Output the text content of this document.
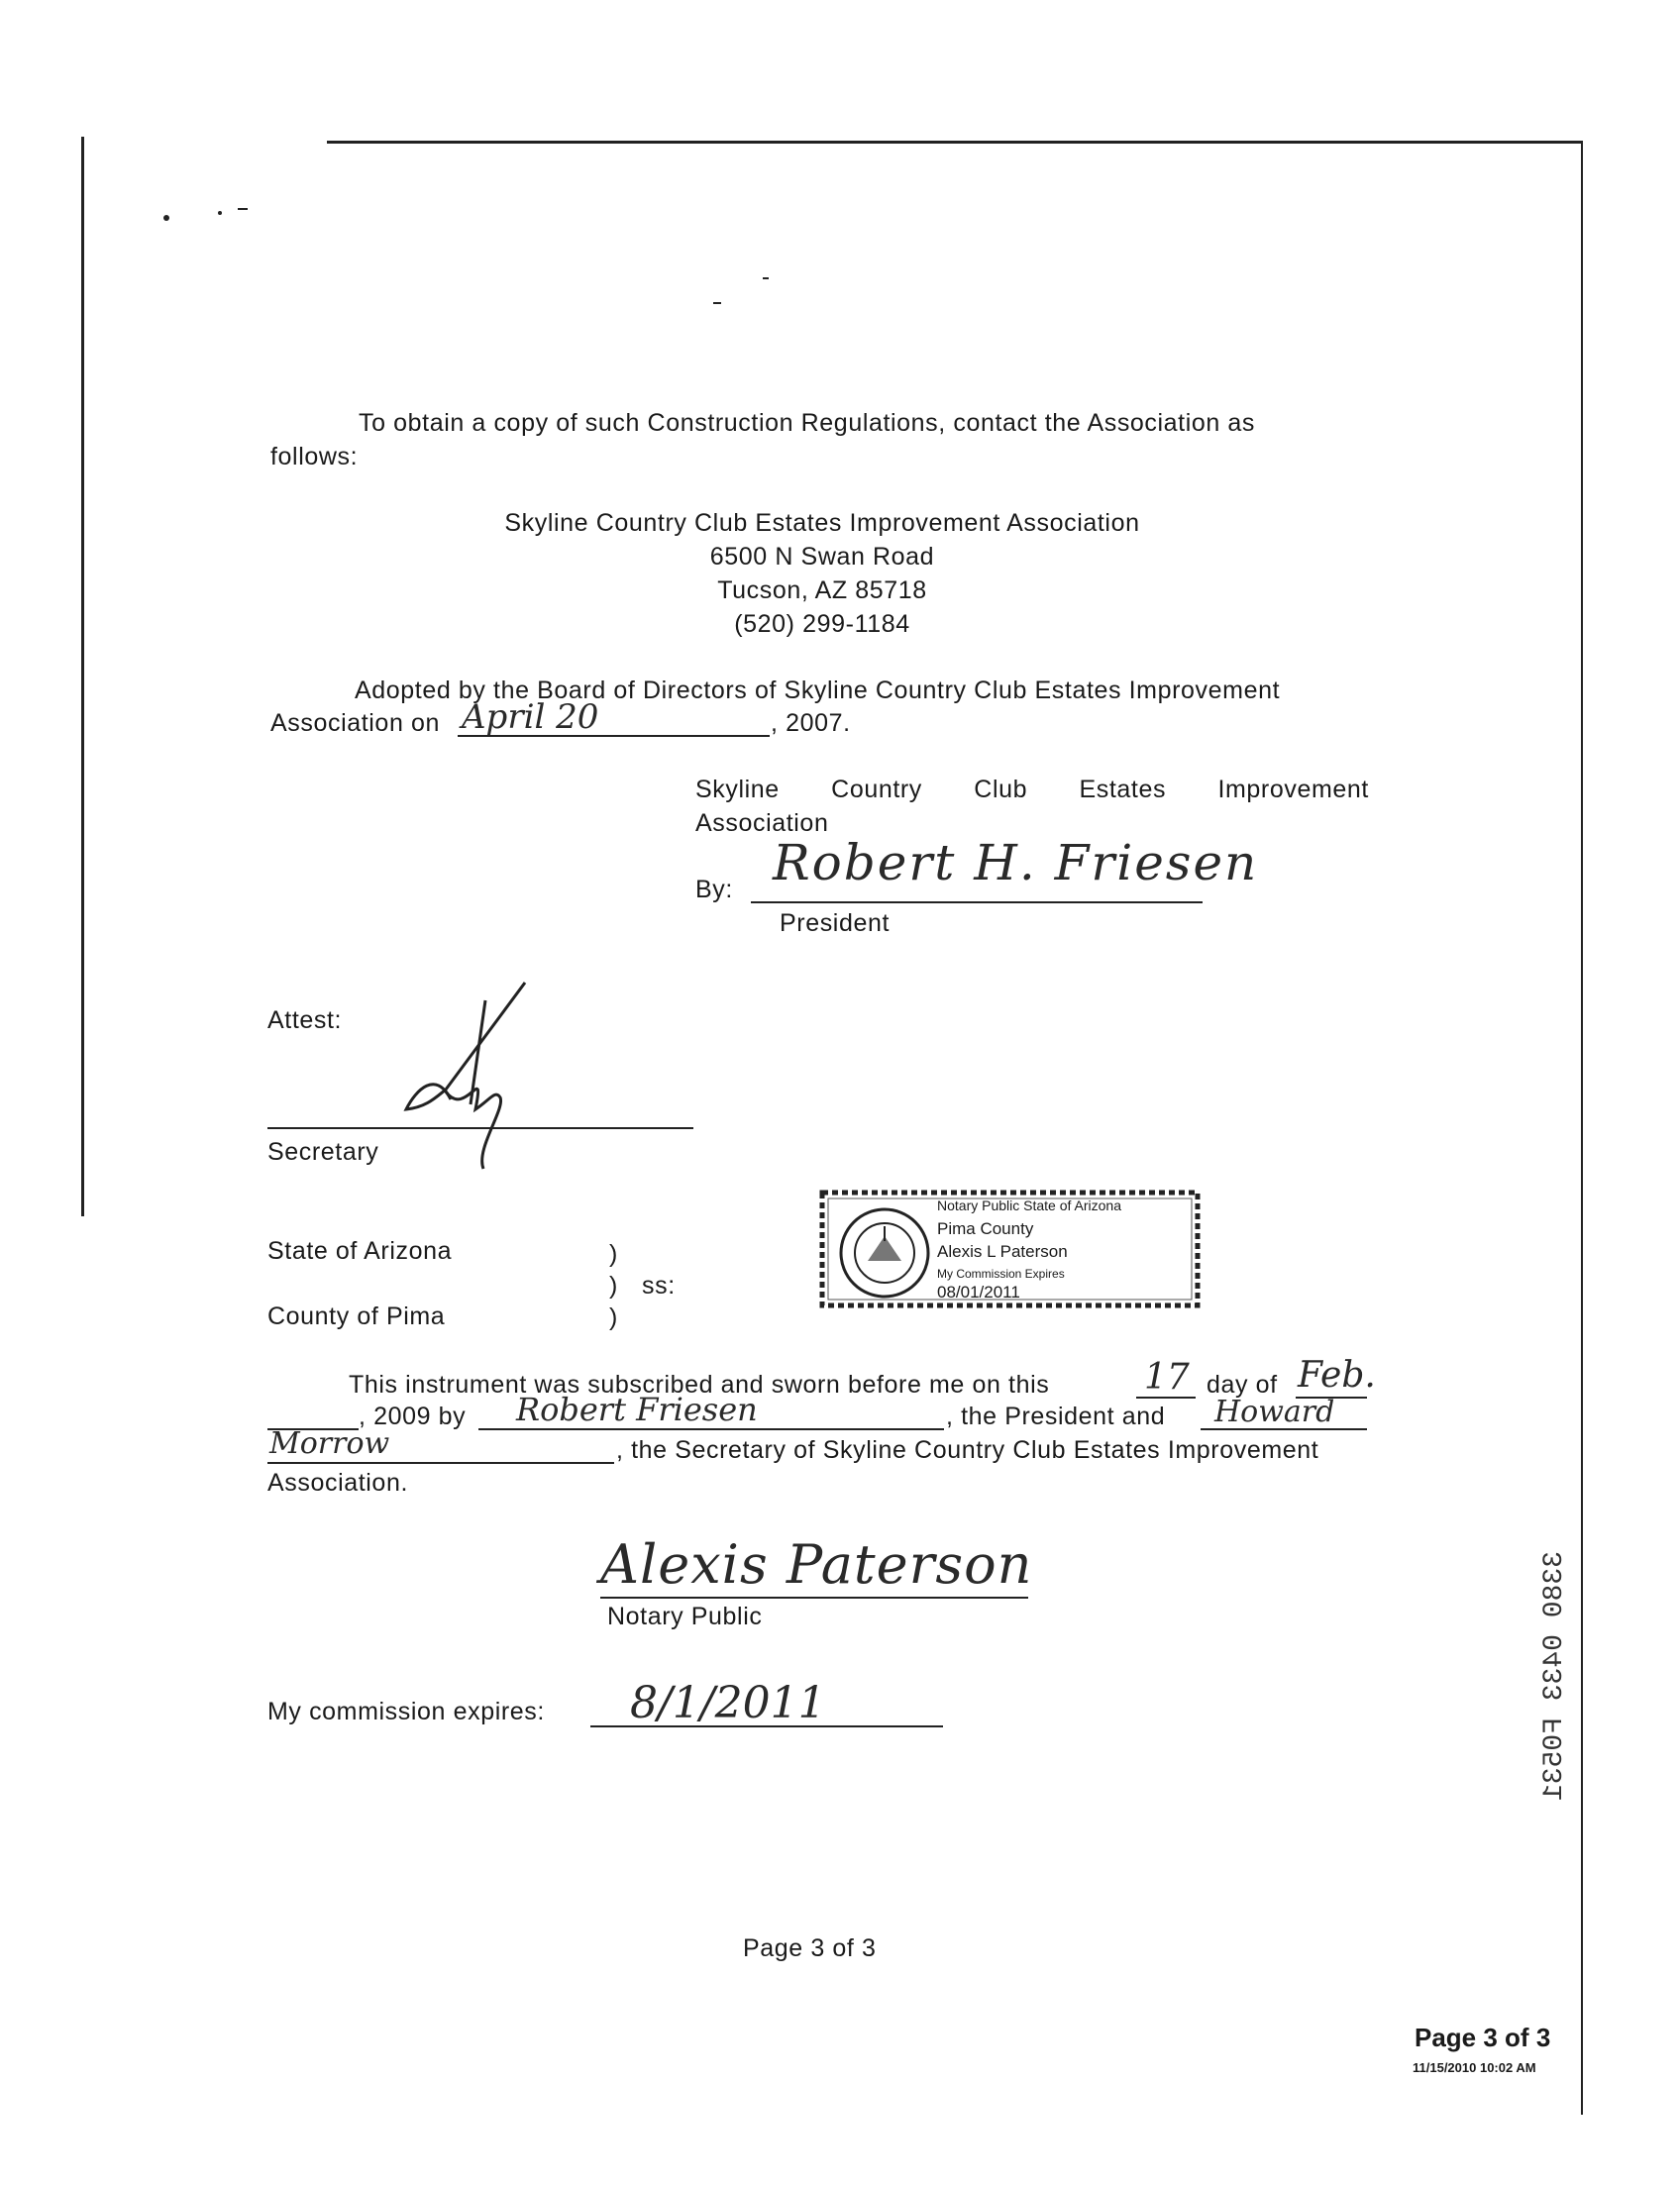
To obtain a copy of such Construction Regulations, contact the Association as
follows:
Skyline Country Club Estates Improvement Association
6500 N Swan Road
Tucson, AZ 85718
(520) 299-1184
Adopted by the Board of Directors of Skyline Country Club Estates Improvement
Association on April 20	, 2007.
Skyline Country Club Estates Improvement
Association
By: Robert H. Friesen
President
Attest:
Secretary
State of Arizona
County of Pima
)
) ss:
)
Notary Public State of Arizona
Pima County
Alexis L Paterson
My Commission Expires
08/01/2011
This instrument was subscribed and sworn before me on this	17 day of Feb.
, 2009 by Robert Friesen	, the President and Howard
Morrow	, the Secretary of Skyline Country Club Estates Improvement
Association.
Alexis Paterson
Notary Public
My commission expires: 8/1/2011	3380 0433 F0531
Page 3 of 3
Page 3 of 3
11/15/2010 10:02 AM
